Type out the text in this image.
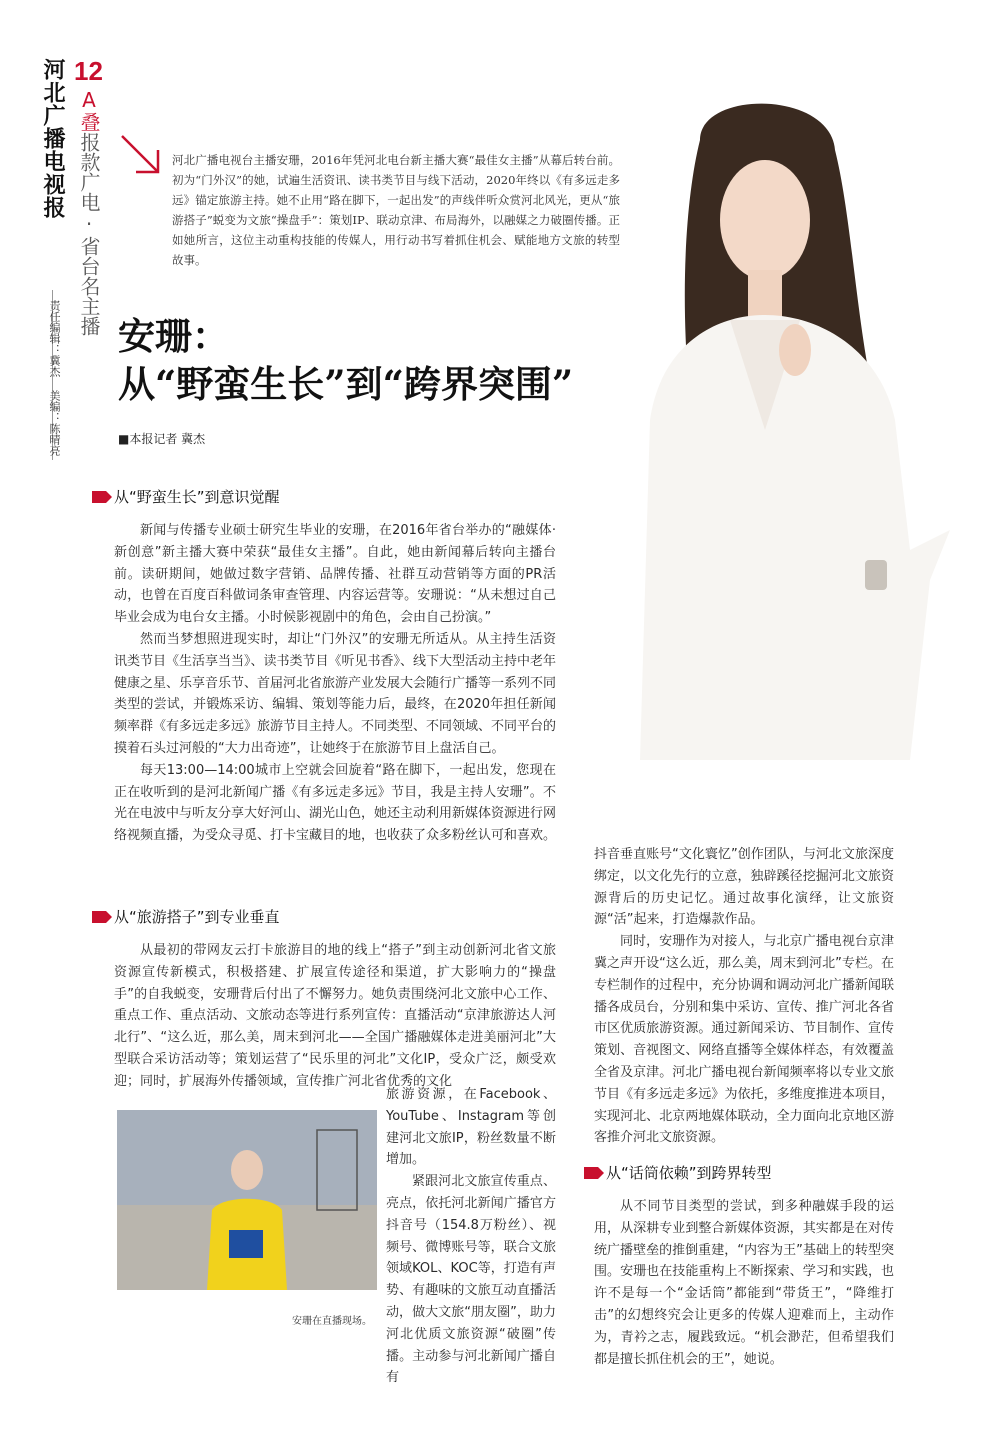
河北广播电视报 12
A叠报款广电·省台名主播
责任编辑：冀杰 美编：陈晴亮
河北广播电视台主播安珊，2016年凭河北电台新主播大赛“最佳女主播”从幕后转台前。初为“门外汉”的她，试遍生活资讯、读书类节目与线下活动，2020年终以《有多远走多远》锚定旅游主持。她不止用“路在脚下，一起出发”的声线伴听众赏河北风光，更从“旅游搭子”蜕变为文旅“操盘手”：策划IP、联动京津、布局海外，以融媒之力破圈传播。正如她所言，这位主动重构技能的传媒人，用行动书写着抓住机会、赋能地方文旅的转型故事。
安珊：
从“野蛮生长”到“跨界突围”
■本报记者 冀杰
从“野蛮生长”到意识觉醒

新闻与传播专业硕士研究生毕业的安珊，在2016年省台举办的“融媒体·新创意”新主播大赛中荣获“最佳女主播”。自此，她由新闻幕后转向主播台前。读研期间，她做过数字营销、品牌传播、社群互动营销等方面的PR活动，也曾在百度百科做词条审查管理、内容运营等。安珊说：“从未想过自己毕业会成为电台女主播。小时候影视剧中的角色，会由自己扮演。”

然而当梦想照进现实时，却让“门外汉”的安珊无所适从。从主持生活资讯类节目《生活享当当》、读书类节目《听见书香》、线下大型活动主持中老年健康之星、乐享音乐节、首届河北省旅游产业发展大会随行广播等一系列不同类型的尝试，并锻炼采访、编辑、策划等能力后，最终，在2020年担任新闻频率群《有多远走多远》旅游节目主持人。不同类型、不同领域、不同平台的摸着石头过河般的“大力出奇迹”，让她终于在旅游节目上盘活自己。

每天13:00—14:00城市上空就会回旋着“路在脚下，一起出发，您现在正在收听到的是河北新闻广播《有多远走多远》节目，我是主持人安珊”。不光在电波中与听友分享大好河山、湖光山色，她还主动利用新媒体资源进行网络视频直播，为受众寻觅、打卡宝藏目的地，也收获了众多粉丝认可和喜欢。

从“旅游搭子”到专业垂直

从最初的带网友云打卡旅游目的地的线上“搭子”到主动创新河北省文旅资源宣传新模式，积极搭建、扩展宣传途径和渠道，扩大影响力的“操盘手”的自我蜕变，安珊背后付出了不懈努力。她负责围绕河北文旅中心工作、重点工作、重点活动、文旅动态等进行系列宣传：直播活动“京津旅游达人河北行”、“这么近，那么美，周末到河北——全国广播融媒体走进美丽河北”大型联合采访活动等；策划运营了“民乐里的河北”文化IP，受众广泛，颇受欢迎；同时，扩展海外传播领域，宣传推广河北省优秀的文化

旅游资源，在Facebook、YouTube、Instagram等创建河北文旅IP，粉丝数量不断增加。

紧跟河北文旅宣传重点、亮点，依托河北新闻广播官方抖音号（154.8万粉丝）、视频号、微博账号等，联合文旅领域KOL、KOC等，打造有声势、有趣味的文旅互动直播活动，做大文旅“朋友圈”，助力河北优质文旅资源“破圈”传播。主动参与河北新闻广播自有

安珊在直播现场。

抖音垂直账号“文化寰忆”创作团队，与河北文旅深度绑定，以文化先行的立意，独辟蹊径挖掘河北文旅资源背后的历史记忆。通过故事化演绎，让文旅资源“活”起来，打造爆款作品。

同时，安珊作为对接人，与北京广播电视台京津冀之声开设“这么近，那么美，周末到河北”专栏。在专栏制作的过程中，充分协调和调动河北广播新闻联播各成员台，分别和集中采访、宣传、推广河北各省市区优质旅游资源。通过新闻采访、节目制作、宣传策划、音视图文、网络直播等全媒体样态，有效覆盖全省及京津。河北广播电视台新闻频率将以专业文旅节目《有多远走多远》为依托，多维度推进本项目，实现河北、北京两地媒体联动，全力面向北京地区游客推介河北文旅资源。

从“话筒依赖”到跨界转型

从不同节目类型的尝试，到多种融媒手段的运用，从深耕专业到整合新媒体资源，其实都是在对传统广播壁垒的推倒重建，“内容为王”基础上的转型突围。安珊也在技能重构上不断探索、学习和实践，也许不是每一个“金话筒”都能到“带货王”，“降维打击”的幻想终究会让更多的传媒人迎难而上，主动作为，青衿之志，履践致远。“机会渺茫，但希望我们都是擅长抓住机会的王”，她说。
